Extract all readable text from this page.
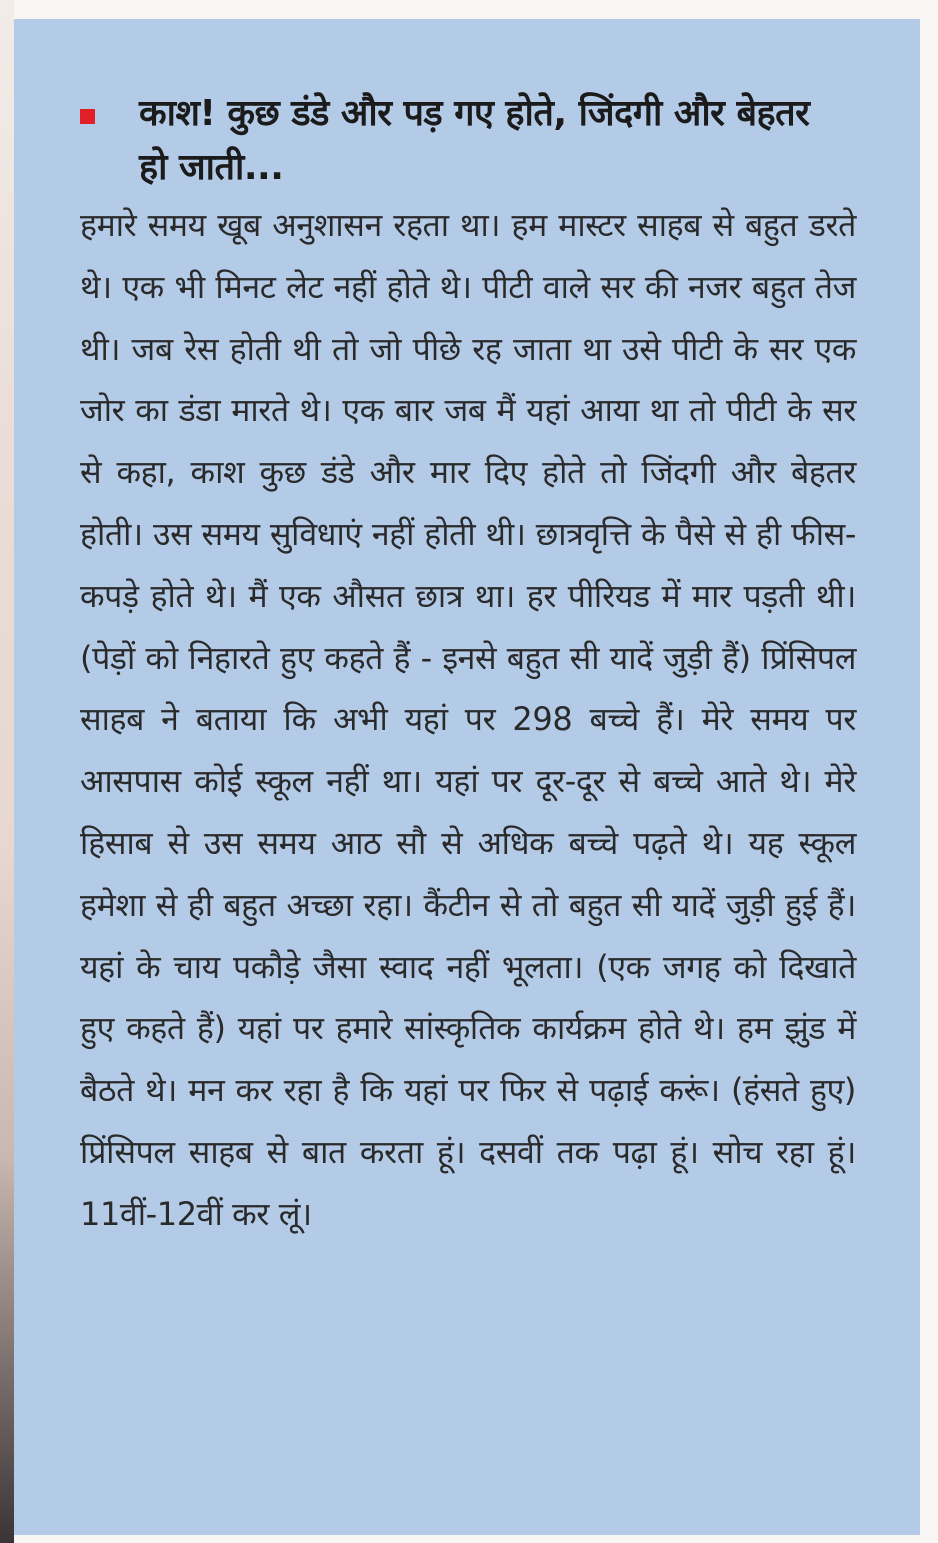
काश! कुछ डंडे और पड़ गए होते, जिंदगी और बेहतर हो जाती...

हमारे समय खूब अनुशासन रहता था। हम मास्टर साहब से बहुत डरते थे। एक भी मिनट लेट नहीं होते थे। पीटी वाले सर की नजर बहुत तेज थी। जब रेस होती थी तो जो पीछे रह जाता था उसे पीटी के सर एक जोर का डंडा मारते थे। एक बार जब मैं यहां आया था तो पीटी के सर से कहा, काश कुछ डंडे और मार दिए होते तो जिंदगी और बेहतर होती। उस समय सुविधाएं नहीं होती थी। छात्रवृत्ति के पैसे से ही फीस-कपड़े होते थे। मैं एक औसत छात्र था। हर पीरियड में मार पड़ती थी। (पेड़ों को निहारते हुए कहते हैं - इनसे बहुत सी यादें जुड़ी हैं) प्रिंसिपल साहब ने बताया कि अभी यहां पर 298 बच्चे हैं। मेरे समय पर आसपास कोई स्कूल नहीं था। यहां पर दूर-दूर से बच्चे आते थे। मेरे हिसाब से उस समय आठ सौ से अधिक बच्चे पढ़ते थे। यह स्कूल हमेशा से ही बहुत अच्छा रहा। कैंटीन से तो बहुत सी यादें जुड़ी हुई हैं। यहां के चाय पकौड़े जैसा स्वाद नहीं भूलता। (एक जगह को दिखाते हुए कहते हैं) यहां पर हमारे सांस्कृतिक कार्यक्रम होते थे। हम झुंड में बैठते थे। मन कर रहा है कि यहां पर फिर से पढ़ाई करूं। (हंसते हुए) प्रिंसिपल साहब से बात करता हूं। दसवीं तक पढ़ा हूं। सोच रहा हूं। 11वीं-12वीं कर लूं।
